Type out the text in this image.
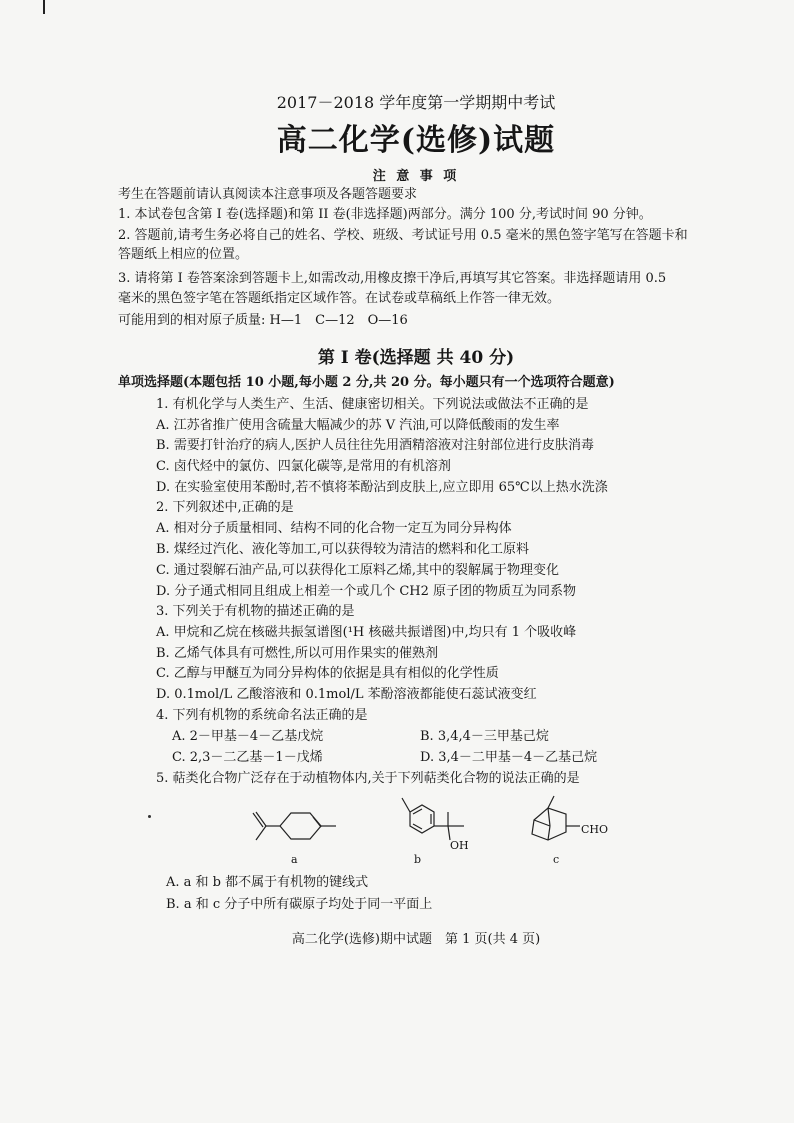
2017－2018 学年度第一学期期中考试
高二化学(选修)试题
注 意 事 项
考生在答题前请认真阅读本注意事项及各题答题要求
1. 本试卷包含第 I 卷(选择题)和第 II 卷(非选择题)两部分。满分 100 分,考试时间 90 分钟。
2. 答题前,请考生务必将自己的姓名、学校、班级、考试证号用 0.5 毫米的黑色签字笔写在答题卡和
答题纸上相应的位置。
3. 请将第 I 卷答案涂到答题卡上,如需改动,用橡皮擦干净后,再填写其它答案。非选择题请用 0.5
毫米的黑色签字笔在答题纸指定区域作答。在试卷或草稿纸上作答一律无效。
可能用到的相对原子质量: H—1　C—12　O—16
第 I 卷(选择题 共 40 分)
单项选择题(本题包括 10 小题,每小题 2 分,共 20 分。每小题只有一个选项符合题意)
1. 有机化学与人类生产、生活、健康密切相关。下列说法或做法不正确的是
A. 江苏省推广使用含硫量大幅减少的苏 V 汽油,可以降低酸雨的发生率
B. 需要打针治疗的病人,医护人员往往先用酒精溶液对注射部位进行皮肤消毒
C. 卤代烃中的氯仿、四氯化碳等,是常用的有机溶剂
D. 在实验室使用苯酚时,若不慎将苯酚沾到皮肤上,应立即用 65℃以上热水洗涤
2. 下列叙述中,正确的是
A. 相对分子质量相同、结构不同的化合物一定互为同分异构体
B. 煤经过汽化、液化等加工,可以获得较为清洁的燃料和化工原料
C. 通过裂解石油产品,可以获得化工原料乙烯,其中的裂解属于物理变化
D. 分子通式相同且组成上相差一个或几个 CH2 原子团的物质互为同系物
3. 下列关于有机物的描述正确的是
A. 甲烷和乙烷在核磁共振氢谱图(¹H 核磁共振谱图)中,均只有 1 个吸收峰
B. 乙烯气体具有可燃性,所以可用作果实的催熟剂
C. 乙醇与甲醚互为同分异构体的依据是具有相似的化学性质
D. 0.1mol/L 乙酸溶液和 0.1mol/L 苯酚溶液都能使石蕊试液变红
4. 下列有机物的系统命名法正确的是
A. 2－甲基－4－乙基戊烷	B. 3,4,4－三甲基己烷
C. 2,3－二乙基－1－戊烯	D. 3,4－二甲基－4－乙基己烷
5. 萜类化合物广泛存在于动植物体内,关于下列萜类化合物的说法正确的是
a
OH
b
CHO
c
A. a 和 b 都不属于有机物的键线式
B. a 和 c 分子中所有碳原子均处于同一平面上
高二化学(选修)期中试题　第 1 页(共 4 页)
